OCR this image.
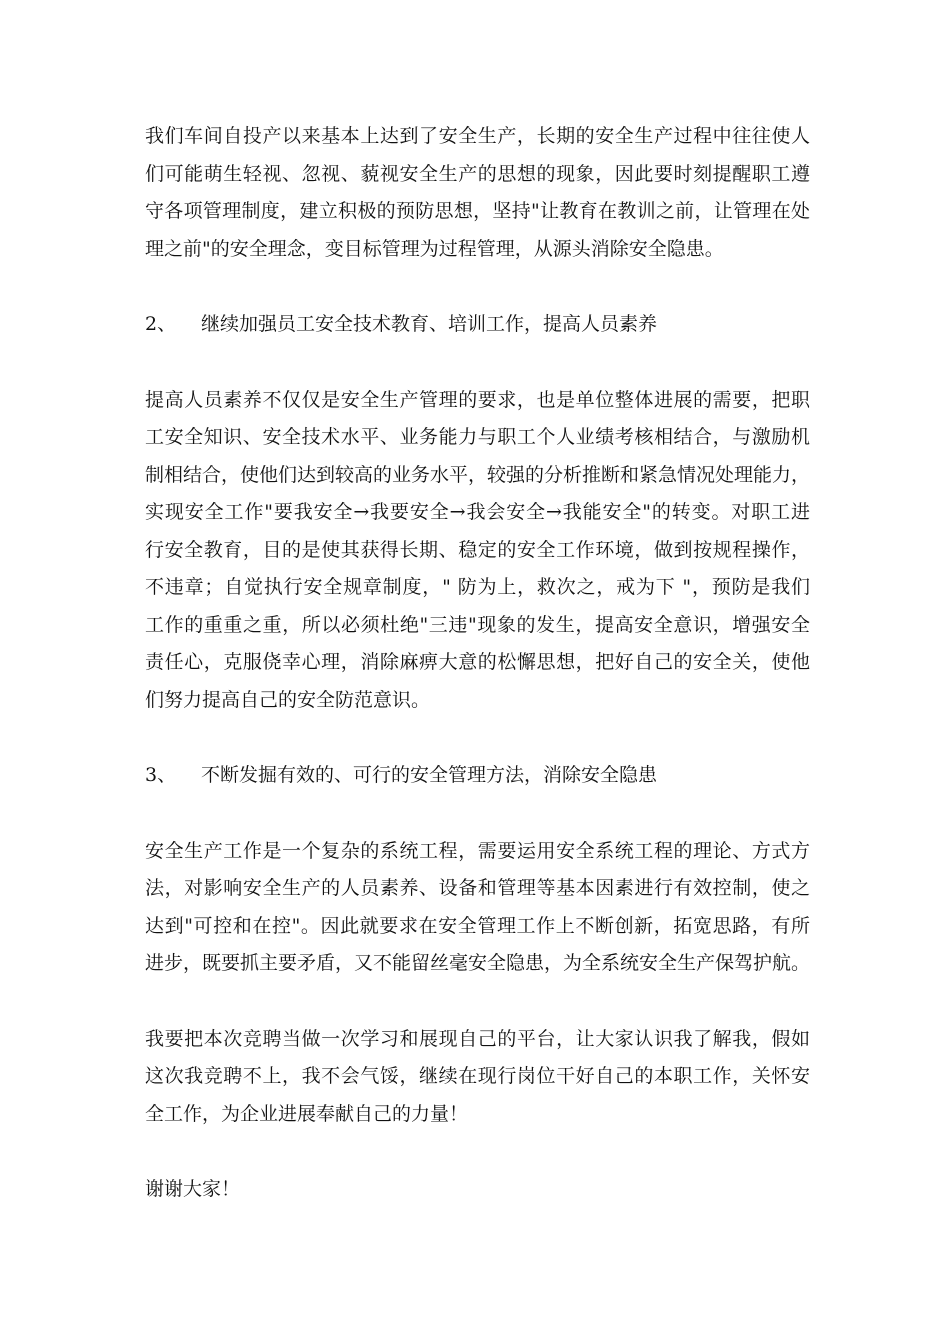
我们车间自投产以来基本上达到了安全生产，长期的安全生产过程中往往使人
们可能萌生轻视、忽视、藐视安全生产的思想的现象，因此要时刻提醒职工遵
守各项管理制度，建立积极的预防思想，坚持"让教育在教训之前，让管理在处
理之前"的安全理念，变目标管理为过程管理，从源头消除安全隐患。

2、 继续加强员工安全技术教育、培训工作，提高人员素养

提高人员素养不仅仅是安全生产管理的要求，也是单位整体进展的需要，把职
工安全知识、安全技术水平、业务能力与职工个人业绩考核相结合，与激励机
制相结合，使他们达到较高的业务水平，较强的分析推断和紧急情况处理能力，
实现安全工作"要我安全→我要安全→我会安全→我能安全"的转变。对职工进
行安全教育，目的是使其获得长期、稳定的安全工作环境，做到按规程操作，
不违章；自觉执行安全规章制度，" 防为上，救次之，戒为下 "，预防是我们
工作的重重之重，所以必须杜绝"三违"现象的发生，提高安全意识，增强安全
责任心，克服侥幸心理，消除麻痹大意的松懈思想，把好自己的安全关，使他
们努力提高自己的安全防范意识。

3、 不断发掘有效的、可行的安全管理方法，消除安全隐患

安全生产工作是一个复杂的系统工程，需要运用安全系统工程的理论、方式方
法，对影响安全生产的人员素养、设备和管理等基本因素进行有效控制，使之
达到"可控和在控"。因此就要求在安全管理工作上不断创新，拓宽思路，有所
进步，既要抓主要矛盾，又不能留丝毫安全隐患，为全系统安全生产保驾护航。

我要把本次竞聘当做一次学习和展现自己的平台，让大家认识我了解我，假如
这次我竞聘不上，我不会气馁，继续在现行岗位干好自己的本职工作，关怀安
全工作，为企业进展奉献自己的力量！

谢谢大家！
